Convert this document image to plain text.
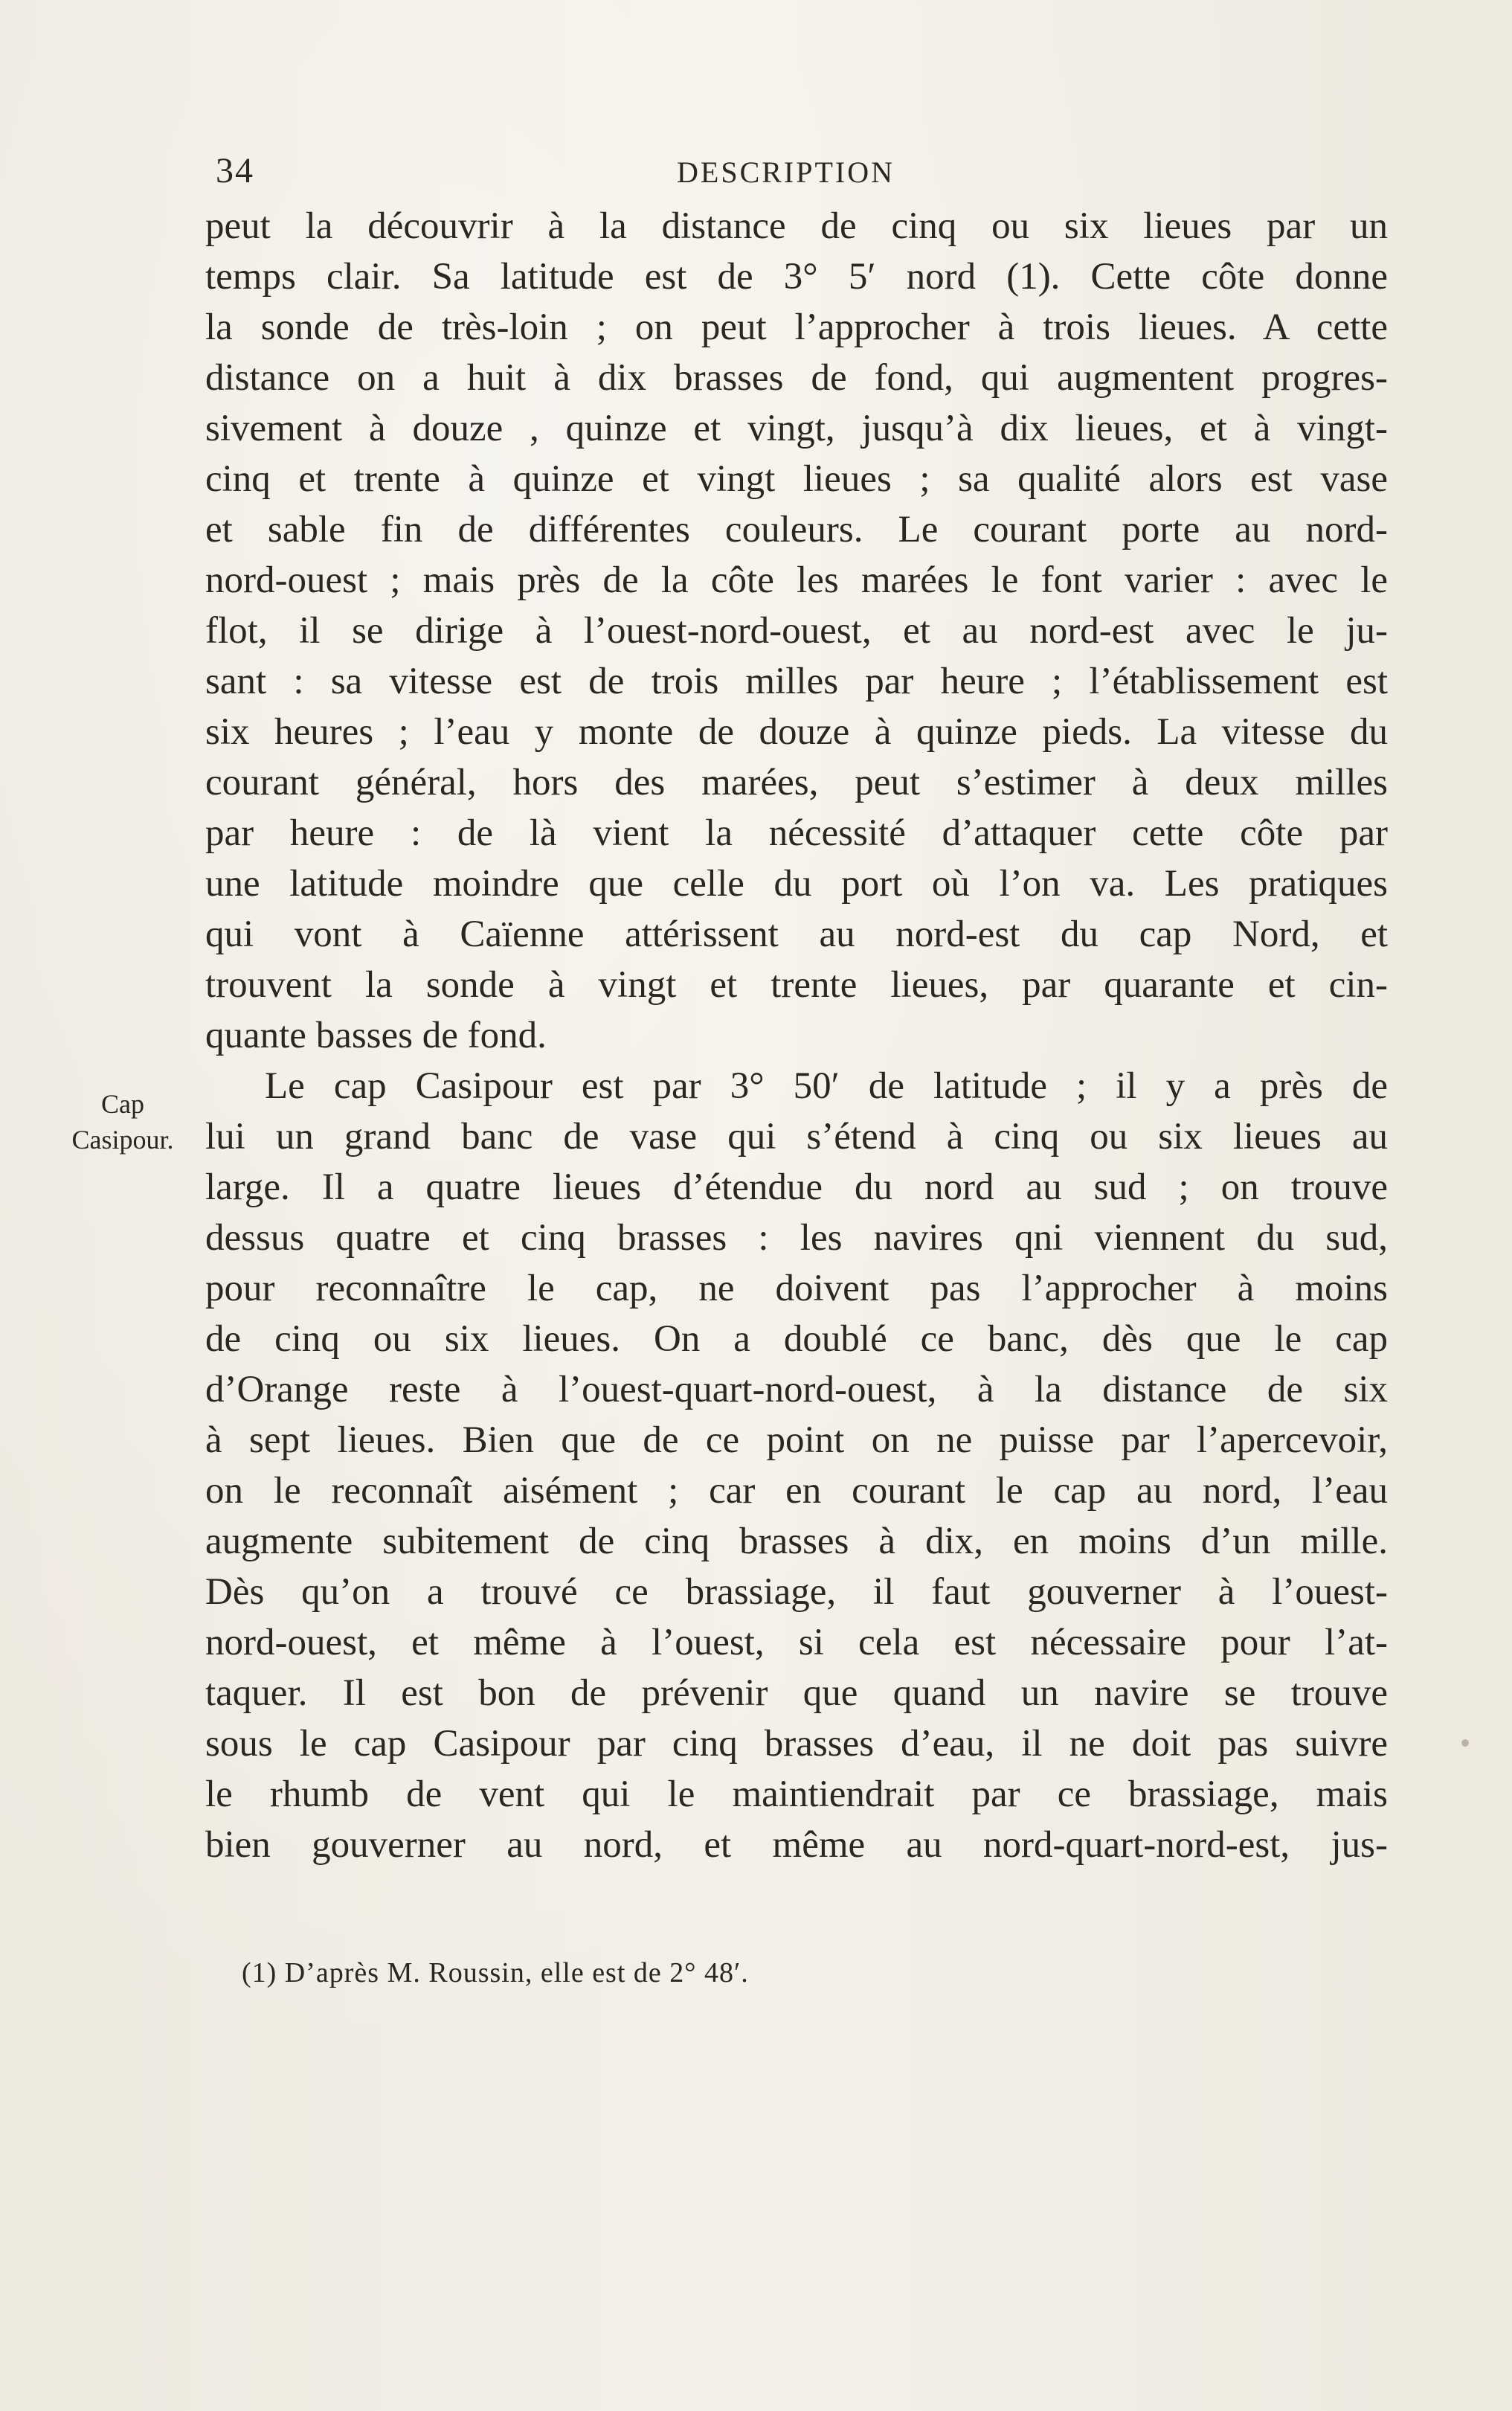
34	DESCRIPTION
Cap
Casipour.
peut la découvrir à la distance de cinq ou six lieues par un
temps clair. Sa latitude est de 3° 5′ nord (1). Cette côte donne
la sonde de très-loin ; on peut l’approcher à trois lieues. A cette
distance on a huit à dix brasses de fond, qui augmentent progres-
sivement à douze , quinze et vingt, jusqu’à dix lieues, et à vingt-
cinq et trente à quinze et vingt lieues ; sa qualité alors est vase
et sable fin de différentes couleurs. Le courant porte au nord-
nord-ouest ; mais près de la côte les marées le font varier : avec le
flot, il se dirige à l’ouest-nord-ouest, et au nord-est avec le ju-
sant : sa vitesse est de trois milles par heure ; l’établissement est
six heures ; l’eau y monte de douze à quinze pieds. La vitesse du
courant général, hors des marées, peut s’estimer à deux milles
par heure : de là vient la nécessité d’attaquer cette côte par
une latitude moindre que celle du port où l’on va. Les pratiques
qui vont à Caïenne attérissent au nord-est du cap Nord, et
trouvent la sonde à vingt et trente lieues, par quarante et cin-
quante basses de fond.
Le cap Casipour est par 3° 50′ de latitude ; il y a près de
lui un grand banc de vase qui s’étend à cinq ou six lieues au
large. Il a quatre lieues d’étendue du nord au sud ; on trouve
dessus quatre et cinq brasses : les navires qni viennent du sud,
pour reconnaître le cap, ne doivent pas l’approcher à moins
de cinq ou six lieues. On a doublé ce banc, dès que le cap
d’Orange reste à l’ouest-quart-nord-ouest, à la distance de six
à sept lieues. Bien que de ce point on ne puisse par l’apercevoir,
on le reconnaît aisément ; car en courant le cap au nord, l’eau
augmente subitement de cinq brasses à dix, en moins d’un mille.
Dès qu’on a trouvé ce brassiage, il faut gouverner à l’ouest-
nord-ouest, et même à l’ouest, si cela est nécessaire pour l’at-
taquer. Il est bon de prévenir que quand un navire se trouve
sous le cap Casipour par cinq brasses d’eau, il ne doit pas suivre
le rhumb de vent qui le maintiendrait par ce brassiage, mais
bien gouverner au nord, et même au nord-quart-nord-est, jus-
(1) D’après M. Roussin, elle est de 2° 48′.
